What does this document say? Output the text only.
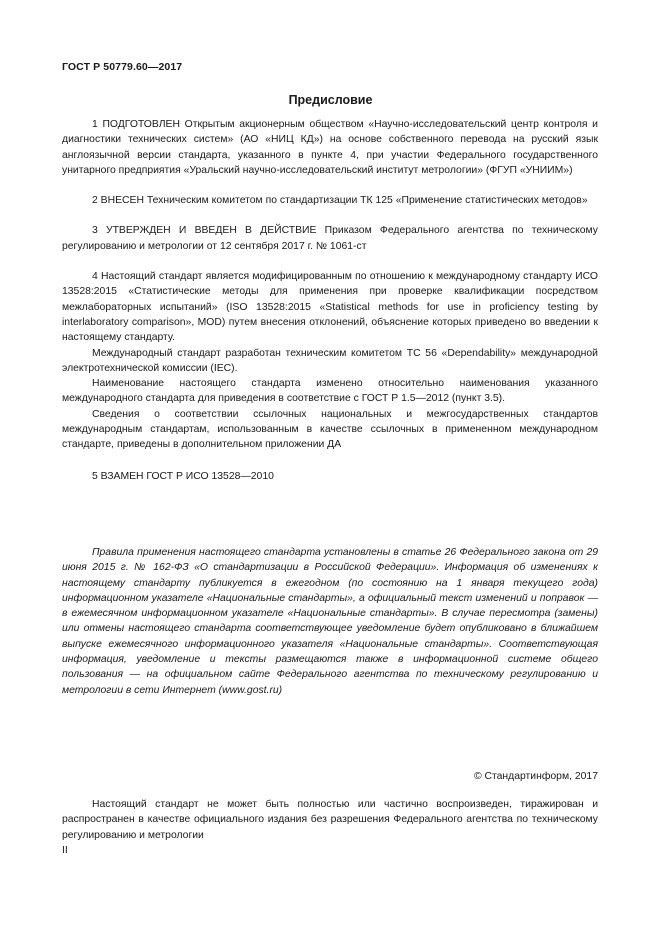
ГОСТ Р 50779.60—2017
Предисловие

1 ПОДГОТОВЛЕН Открытым акционерным обществом «Научно-исследовательский центр контроля и диагностики технических систем» (АО «НИЦ КД») на основе собственного перевода на русский язык англоязычной версии стандарта, указанного в пункте 4, при участии Федерального государственного унитарного предприятия «Уральский научно-исследовательский институт метрологии» (ФГУП «УНИИМ»)

2 ВНЕСЕН Техническим комитетом по стандартизации ТК 125 «Применение статистических методов»

3 УТВЕРЖДЕН И ВВЕДЕН В ДЕЙСТВИЕ Приказом Федерального агентства по техническому регулированию и метрологии от 12 сентября 2017 г. № 1061-ст

4 Настоящий стандарт является модифицированным по отношению к международному стандарту ИСО 13528:2015 «Статистические методы для применения при проверке квалификации посредством межлабораторных испытаний» (ISO 13528:2015 «Statistical methods for use in proficiency testing by interlaboratory comparison», MOD) путем внесения отклонений, объяснение которых приведено во введении к настоящему стандарту.

Международный стандарт разработан техническим комитетом ТС 56 «Dependability» международной электротехнической комиссии (IEC).

Наименование настоящего стандарта изменено относительно наименования указанного международного стандарта для приведения в соответствие с ГОСТ Р 1.5—2012 (пункт 3.5).

Сведения о соответствии ссылочных национальных и межгосударственных стандартов международным стандартам, использованным в качестве ссылочных в примененном международном стандарте, приведены в дополнительном приложении ДА

5 ВЗАМЕН ГОСТ Р ИСО 13528—2010

Правила применения настоящего стандарта установлены в статье 26 Федерального закона от 29 июня 2015 г. № 162-ФЗ «О стандартизации в Российской Федерации». Информация об изменениях к настоящему стандарту публикуется в ежегодном (по состоянию на 1 января текущего года) информационном указателе «Национальные стандарты», а официальный текст изменений и поправок — в ежемесячном информационном указателе «Национальные стандарты». В случае пересмотра (замены) или отмены настоящего стандарта соответствующее уведомление будет опубликовано в ближайшем выпуске ежемесячного информационного указателя «Национальные стандарты». Соответствующая информация, уведомление и тексты размещаются также в информационной системе общего пользования — на официальном сайте Федерального агентства по техническому регулированию и метрологии в сети Интернет (www.gost.ru)

© Стандартинформ, 2017

Настоящий стандарт не может быть полностью или частично воспроизведен, тиражирован и распространен в качестве официального издания без разрешения Федерального агентства по техническому регулированию и метрологии

II
